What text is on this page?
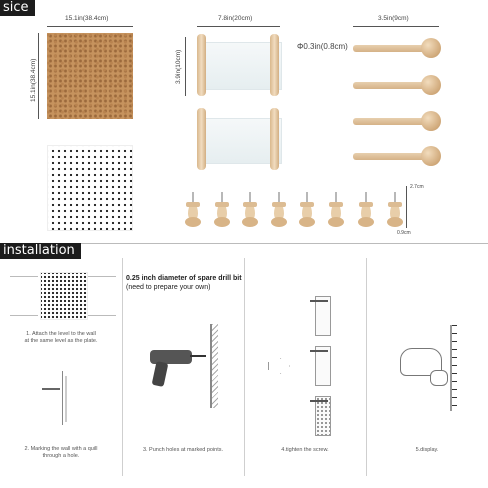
sice
15.1in(38.4cm)
15.1in(38.4cm)
7.8in(20cm)
3.9in(10cm)
3.5in(9cm)
Φ0.3in(0.8cm)
2.7cm
0.9cm
installation
1. Attach the level to the wall
at the same level as the plate.
2. Marking the wall with a quill
through a hole.
0.25 inch diameter of spare drill bit
(need to prepare your own)
3. Punch holes at marked points.	4.tighten the screw.	5.display.
